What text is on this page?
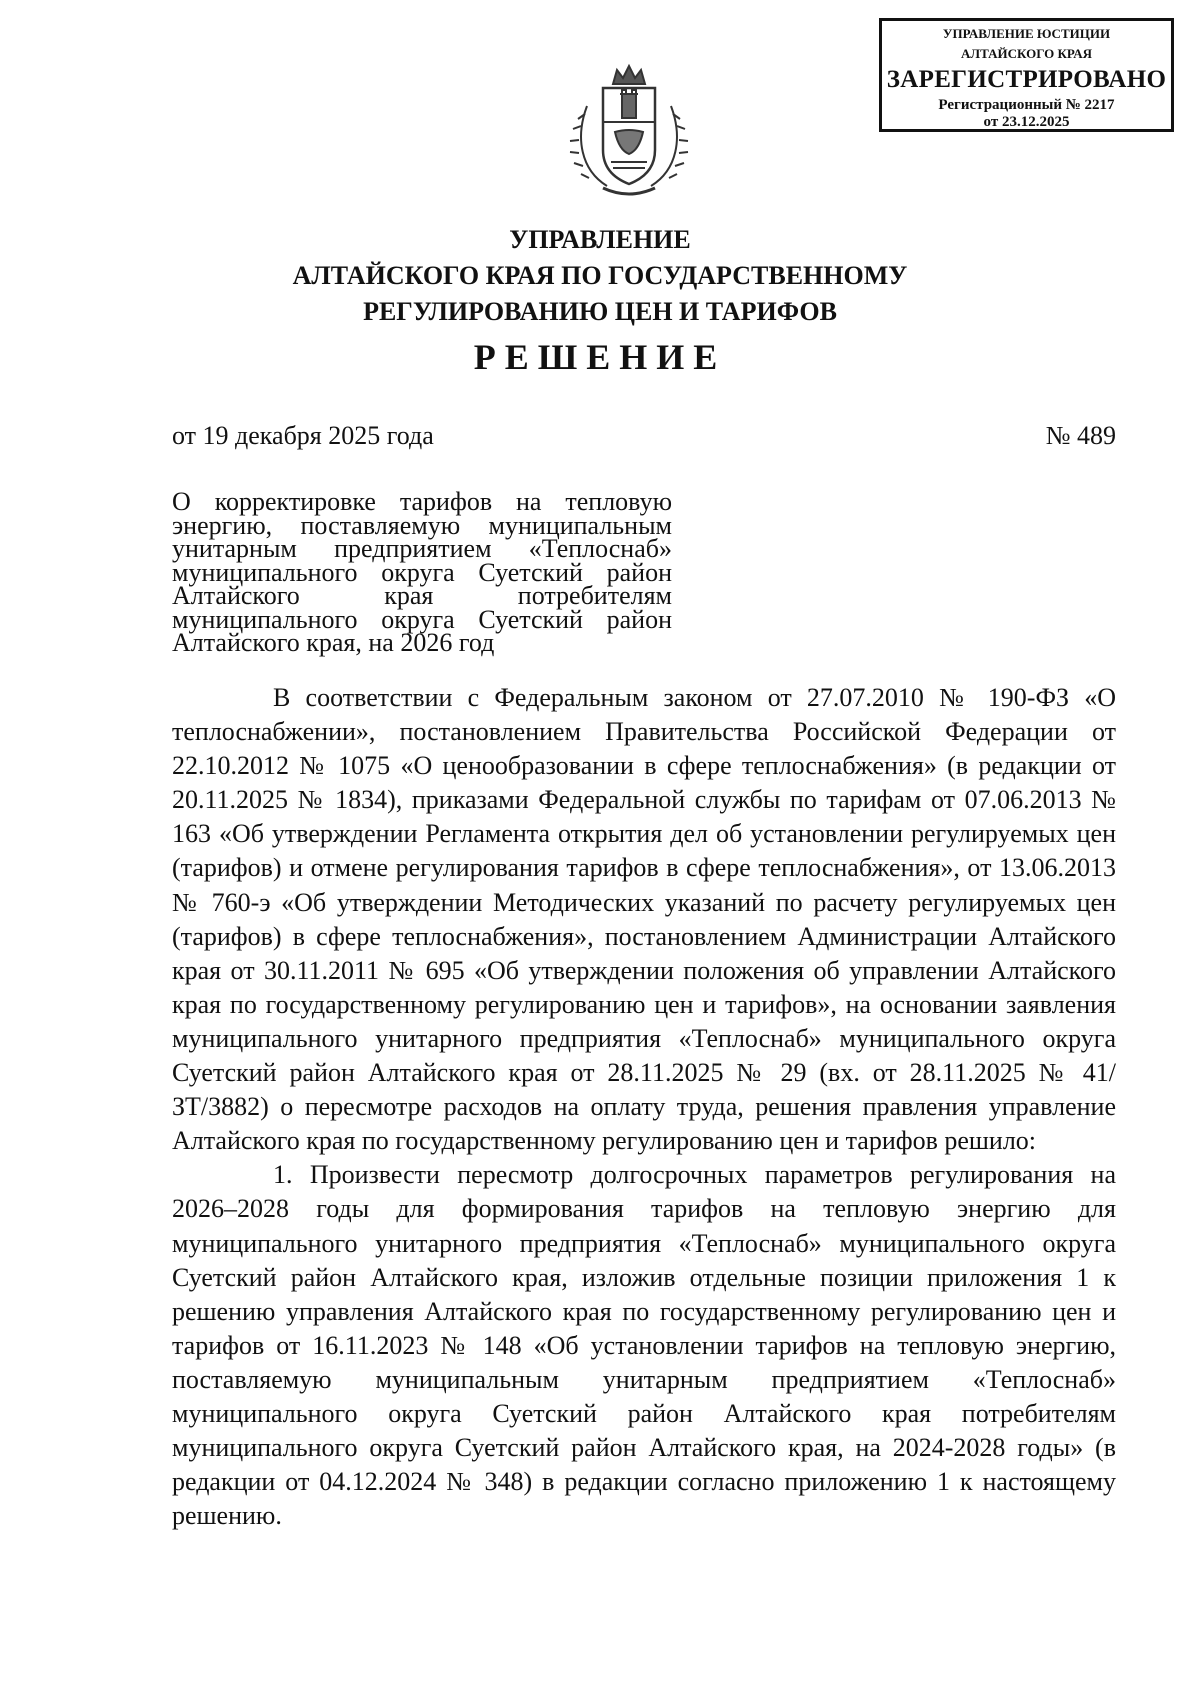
УПРАВЛЕНИЕ ЮСТИЦИИ
АЛТАЙСКОГО КРАЯ
ЗАРЕГИСТРИРОВАНО
Регистрационный № 2217
от 23.12.2025
УПРАВЛЕНИЕ
АЛТАЙСКОГО КРАЯ ПО ГОСУДАРСТВЕННОМУ
РЕГУЛИРОВАНИЮ ЦЕН И ТАРИФОВ
РЕШЕНИЕ
от 19 декабря 2025 года	№ 489
О корректировке тарифов на тепловую энергию, поставляемую муниципальным унитарным предприятием «Теплоснаб» муниципального округа Суетский район Алтайского края потребителям муниципального округа Суетский район Алтайского края, на 2026 год

В соответствии с Федеральным законом от 27.07.2010 № 190-ФЗ «О теплоснабжении», постановлением Правительства Российской Федерации от 22.10.2012 № 1075 «О ценообразовании в сфере теплоснабжения» (в редакции от 20.11.2025 № 1834), приказами Федеральной службы по тарифам от 07.06.2013 № 163 «Об утверждении Регламента открытия дел об установлении регулируемых цен (тарифов) и отмене регулирования тарифов в сфере теплоснабжения», от 13.06.2013 № 760-э «Об утверждении Методических указаний по расчету регулируемых цен (тарифов) в сфере теплоснабжения», постановлением Администрации Алтайского края от 30.11.2011 № 695 «Об утверждении положения об управлении Алтайского края по государственному регулированию цен и тарифов», на основании заявления муниципального унитарного предприятия «Теплоснаб» муниципального округа Суетский район Алтайского края от 28.11.2025 № 29 (вх. от 28.11.2025 № 41/ЗТ/3882) о пересмотре расходов на оплату труда, решения правления управление Алтайского края по государственному регулированию цен и тарифов решило:

1. Произвести пересмотр долгосрочных параметров регулирования на 2026–2028 годы для формирования тарифов на тепловую энергию для муниципального унитарного предприятия «Теплоснаб» муниципального округа Суетский район Алтайского края, изложив отдельные позиции приложения 1 к решению управления Алтайского края по государственному регулированию цен и тарифов от 16.11.2023 № 148 «Об установлении тарифов на тепловую энергию, поставляемую муниципальным унитарным предприятием «Теплоснаб» муниципального округа Суетский район Алтайского края потребителям муниципального округа Суетский район Алтайского края, на 2024-2028 годы» (в редакции от 04.12.2024 № 348) в редакции согласно приложению 1 к настоящему решению.
